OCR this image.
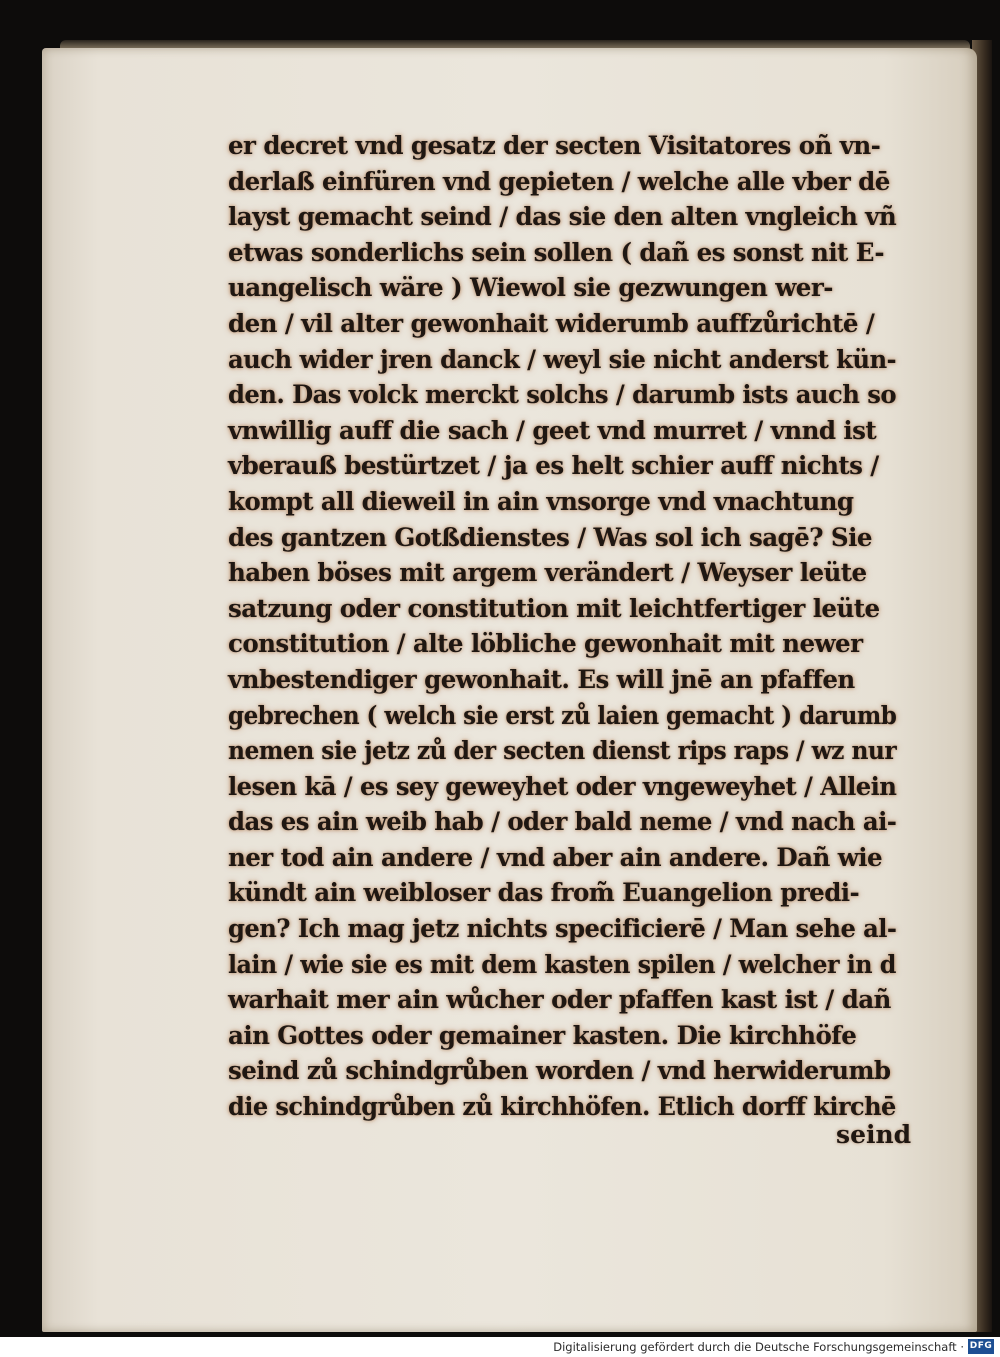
er decret vnd gesatz der secten Visitatores oñ vn-
derlaß einfüren vnd gepieten / welche alle vber dē
layst gemacht seind / das sie den alten vngleich vñ
etwas sonderlichs sein sollen ( dañ es sonst nit E-
uangelisch wäre ) Wiewol sie gezwungen wer-
den / vil alter gewonhait widerumb auffzůrichtē /
auch wider jren danck / weyl sie nicht anderst kün-
den. Das volck merckt solchs / darumb ists auch so
vnwillig auff die sach / geet vnd murret / vnnd ist
vberauß bestürtzet / ja es helt schier auff nichts /
kompt all dieweil in ain vnsorge vnd vnachtung
des gantzen Gotßdienstes / Was sol ich sagē? Sie
haben böses mit argem verändert / Weyser leüte
satzung oder constitution mit leichtfertiger leüte
constitution / alte löbliche gewonhait mit newer
vnbestendiger gewonhait. Es will jnē an pfaffen
gebrechen ( welch sie erst zů laien gemacht ) darumb
nemen sie jetz zů der secten dienst rips raps / wz nur
lesen kā / es sey geweyhet oder vngeweyhet / Allein
das es ain weib hab / oder bald neme / vnd nach ai-
ner tod ain andere / vnd aber ain andere. Dañ wie
kündt ain weibloser das from̃ Euangelion predi-
gen? Ich mag jetz nichts specificierē / Man sehe al-
lain / wie sie es mit dem kasten spilen / welcher in d
warhait mer ain wůcher oder pfaffen kast ist / dañ
ain Gottes oder gemainer kasten. Die kirchhöfe
seind zů schindgrůben worden / vnd herwiderumb
die schindgrůben zů kirchhöfen. Etlich dorff kirchē
seind
Digitalisierung gefördert durch die Deutsche Forschungsgemeinschaft · DFG
